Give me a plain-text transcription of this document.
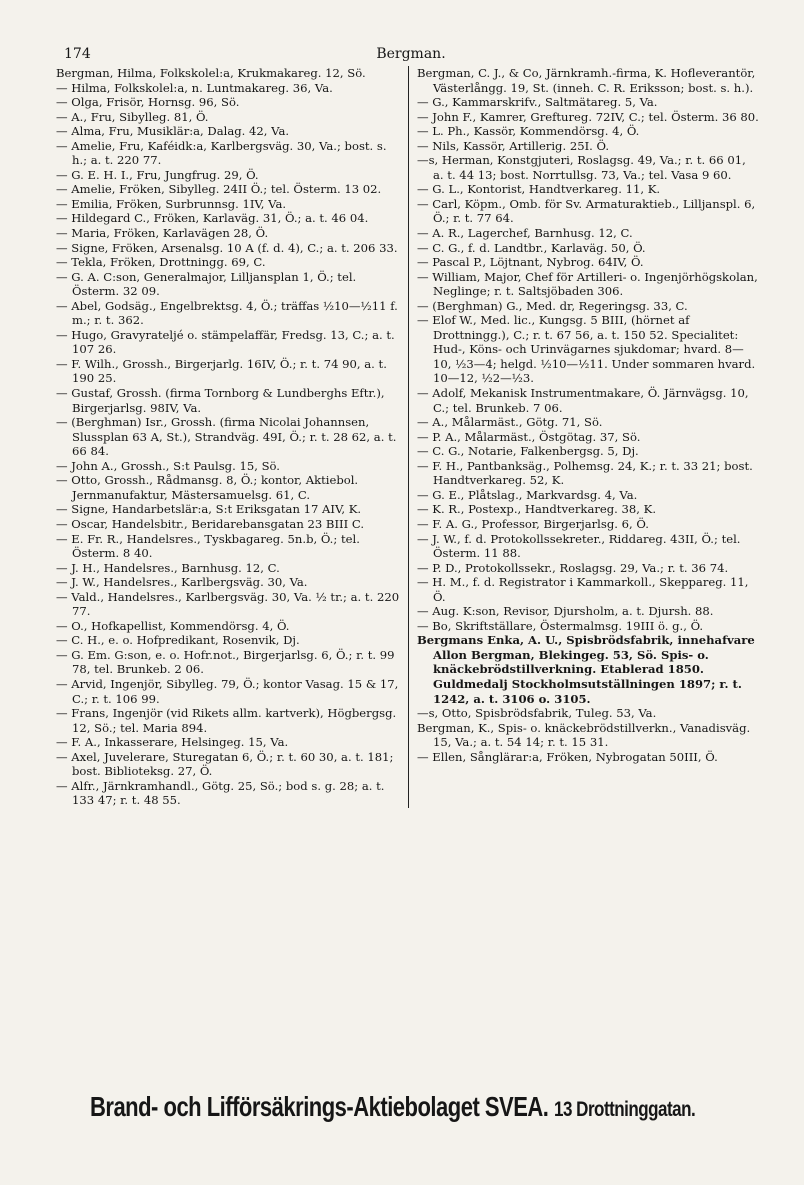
174	Bergman.
Bergman, Hilma, Folkskolel:a, Krukmakareg. 12, Sö.
— Hilma, Folkskolel:a, n. Luntmakareg. 36, Va.
— Olga, Frisör, Hornsg. 96, Sö.
— A., Fru, Sibylleg. 81, Ö.
— Alma, Fru, Musiklär:a, Dalag. 42, Va.
— Amelie, Fru, Kaféidk:a, Karlbergsväg. 30, Va.; bost. s. h.; a. t. 220 77.
— G. E. H. I., Fru, Jungfrug. 29, Ö.
— Amelie, Fröken, Sibylleg. 24II Ö.; tel. Österm. 13 02.
— Emilia, Fröken, Surbrunnsg. 1IV, Va.
— Hildegard C., Fröken, Karlaväg. 31, Ö.; a. t. 46 04.
— Maria, Fröken, Karlavägen 28, Ö.
— Signe, Fröken, Arsenalsg. 10 A (f. d. 4), C.; a. t. 206 33.
— Tekla, Fröken, Drottningg. 69, C.
— G. A. C:son, Generalmajor, Lilljansplan 1, Ö.; tel. Österm. 32 09.
— Abel, Godsäg., Engelbrektsg. 4, Ö.; träffas ½10—½11 f. m.; r. t. 362.
— Hugo, Gravyrateljé o. stämpelaffär, Fredsg. 13, C.; a. t. 107 26.
— F. Wilh., Grossh., Birgerjarlg. 16IV, Ö.; r. t. 74 90, a. t. 190 25.
— Gustaf, Grossh. (firma Tornborg & Lundberghs Eftr.), Birgerjarlsg. 98IV, Va.
— (Berghman) Isr., Grossh. (firma Nicolai Johannsen, Slussplan 63 A, St.), Strandväg. 49I, Ö.; r. t. 28 62, a. t. 66 84.
— John A., Grossh., S:t Paulsg. 15, Sö.
— Otto, Grossh., Rådmansg. 8, Ö.; kontor, Aktiebol. Jernmanufaktur, Mästersamuelsg. 61, C.
— Signe, Handarbetslär:a, S:t Eriksgatan 17 AIV, K.
— Oscar, Handelsbitr., Beridarebansgatan 23 BIII C.
— E. Fr. R., Handelsres., Tyskbagareg. 5n.b, Ö.; tel. Österm. 8 40.
— J. H., Handelsres., Barnhusg. 12, C.
— J. W., Handelsres., Karlbergsväg. 30, Va.
— Vald., Handelsres., Karlbergsväg. 30, Va. ½ tr.; a. t. 220 77.
— O., Hofkapellist, Kommendörsg. 4, Ö.
— C. H., e. o. Hofpredikant, Rosenvik, Dj.
— G. Em. G:son, e. o. Hofr.not., Birgerjarlsg. 6, Ö.; r. t. 99 78, tel. Brunkeb. 2 06.
— Arvid, Ingenjör, Sibylleg. 79, Ö.; kontor Vasag. 15 & 17, C.; r. t. 106 99.
— Frans, Ingenjör (vid Rikets allm. kartverk), Högbergsg. 12, Sö.; tel. Maria 894.
— F. A., Inkasserare, Helsingeg. 15, Va.
— Axel, Juvelerare, Sturegatan 6, Ö.; r. t. 60 30, a. t. 181; bost. Biblioteksg. 27, Ö.
— Alfr., Järnkramhandl., Götg. 25, Sö.; bod s. g. 28; a. t. 133 47; r. t. 48 55.
Bergman, C. J., & Co, Järnkramh.-firma, K. Hofleverantör, Västerlångg. 19, St. (inneh. C. R. Eriksson; bost. s. h.).
— G., Kammarskrifv., Saltmätareg. 5, Va.
— John F., Kamrer, Greftureg. 72IV, C.; tel. Österm. 36 80.
— L. Ph., Kassör, Kommendörsg. 4, Ö.
— Nils, Kassör, Artillerig. 25I. Ö.
—s, Herman, Konstgjuteri, Roslagsg. 49, Va.; r. t. 66 01, a. t. 44 13; bost. Norrtullsg. 73, Va.; tel. Vasa 9 60.
— G. L., Kontorist, Handtverkareg. 11, K.
— Carl, Köpm., Omb. för Sv. Armaturaktieb., Lilljanspl. 6, Ö.; r. t. 77 64.
— A. R., Lagerchef, Barnhusg. 12, C.
— C. G., f. d. Landtbr., Karlaväg. 50, Ö.
— Pascal P., Löjtnant, Nybrog. 64IV, Ö.
— William, Major, Chef för Artilleri- o. Ingenjörhögskolan, Neglinge; r. t. Saltsjöbaden 306.
— (Berghman) G., Med. dr, Regeringsg. 33, C.
— Elof W., Med. lic., Kungsg. 5 BIII, (hörnet af Drottningg.), C.; r. t. 67 56, a. t. 150 52. Specialitet: Hud-, Köns- och Urinvägarnes sjukdomar; hvard. 8—10, ½3—4; helgd. ½10—½11. Under sommaren hvard. 10—12, ½2—½3.
— Adolf, Mekanisk Instrumentmakare, Ö. Järnvägsg. 10, C.; tel. Brunkeb. 7 06.
— A., Målarmäst., Götg. 71, Sö.
— P. A., Målarmäst., Östgötag. 37, Sö.
— C. G., Notarie, Falkenbergsg. 5, Dj.
— F. H., Pantbanksäg., Polhemsg. 24, K.; r. t. 33 21; bost. Handtverkareg. 52, K.
— G. E., Plåtslag., Markvardsg. 4, Va.
— K. R., Postexp., Handtverkareg. 38, K.
— F. A. G., Professor, Birgerjarlsg. 6, Ö.
— J. W., f. d. Protokollssekreter., Riddareg. 43II, Ö.; tel. Österm. 11 88.
— P. D., Protokollssekr., Roslagsg. 29, Va.; r. t. 36 74.
— H. M., f. d. Registrator i Kammarkoll., Skeppareg. 11, Ö.
— Aug. K:son, Revisor, Djursholm, a. t. Djursh. 88.
— Bo, Skriftställare, Östermalmsg. 19III ö. g., Ö.
Bergmans Enka, A. U., Spisbrödsfabrik, innehafvare Allon Bergman, Blekingeg. 53, Sö. Spis- o. knäckebrödstillverkning. Etablerad 1850. Guldmedalj Stockholmsutställningen 1897; r. t. 1242, a. t. 3106 o. 3105.
—s, Otto, Spisbrödsfabrik, Tuleg. 53, Va.
Bergman, K., Spis- o. knäckebrödstillverkn., Vanadisväg. 15, Va.; a. t. 54 14; r. t. 15 31.
— Ellen, Sånglärar:a, Fröken, Nybrogatan 50III, Ö.
Brand- och Lifförsäkrings-Aktiebolaget SVEA. 13 Drottninggatan.
